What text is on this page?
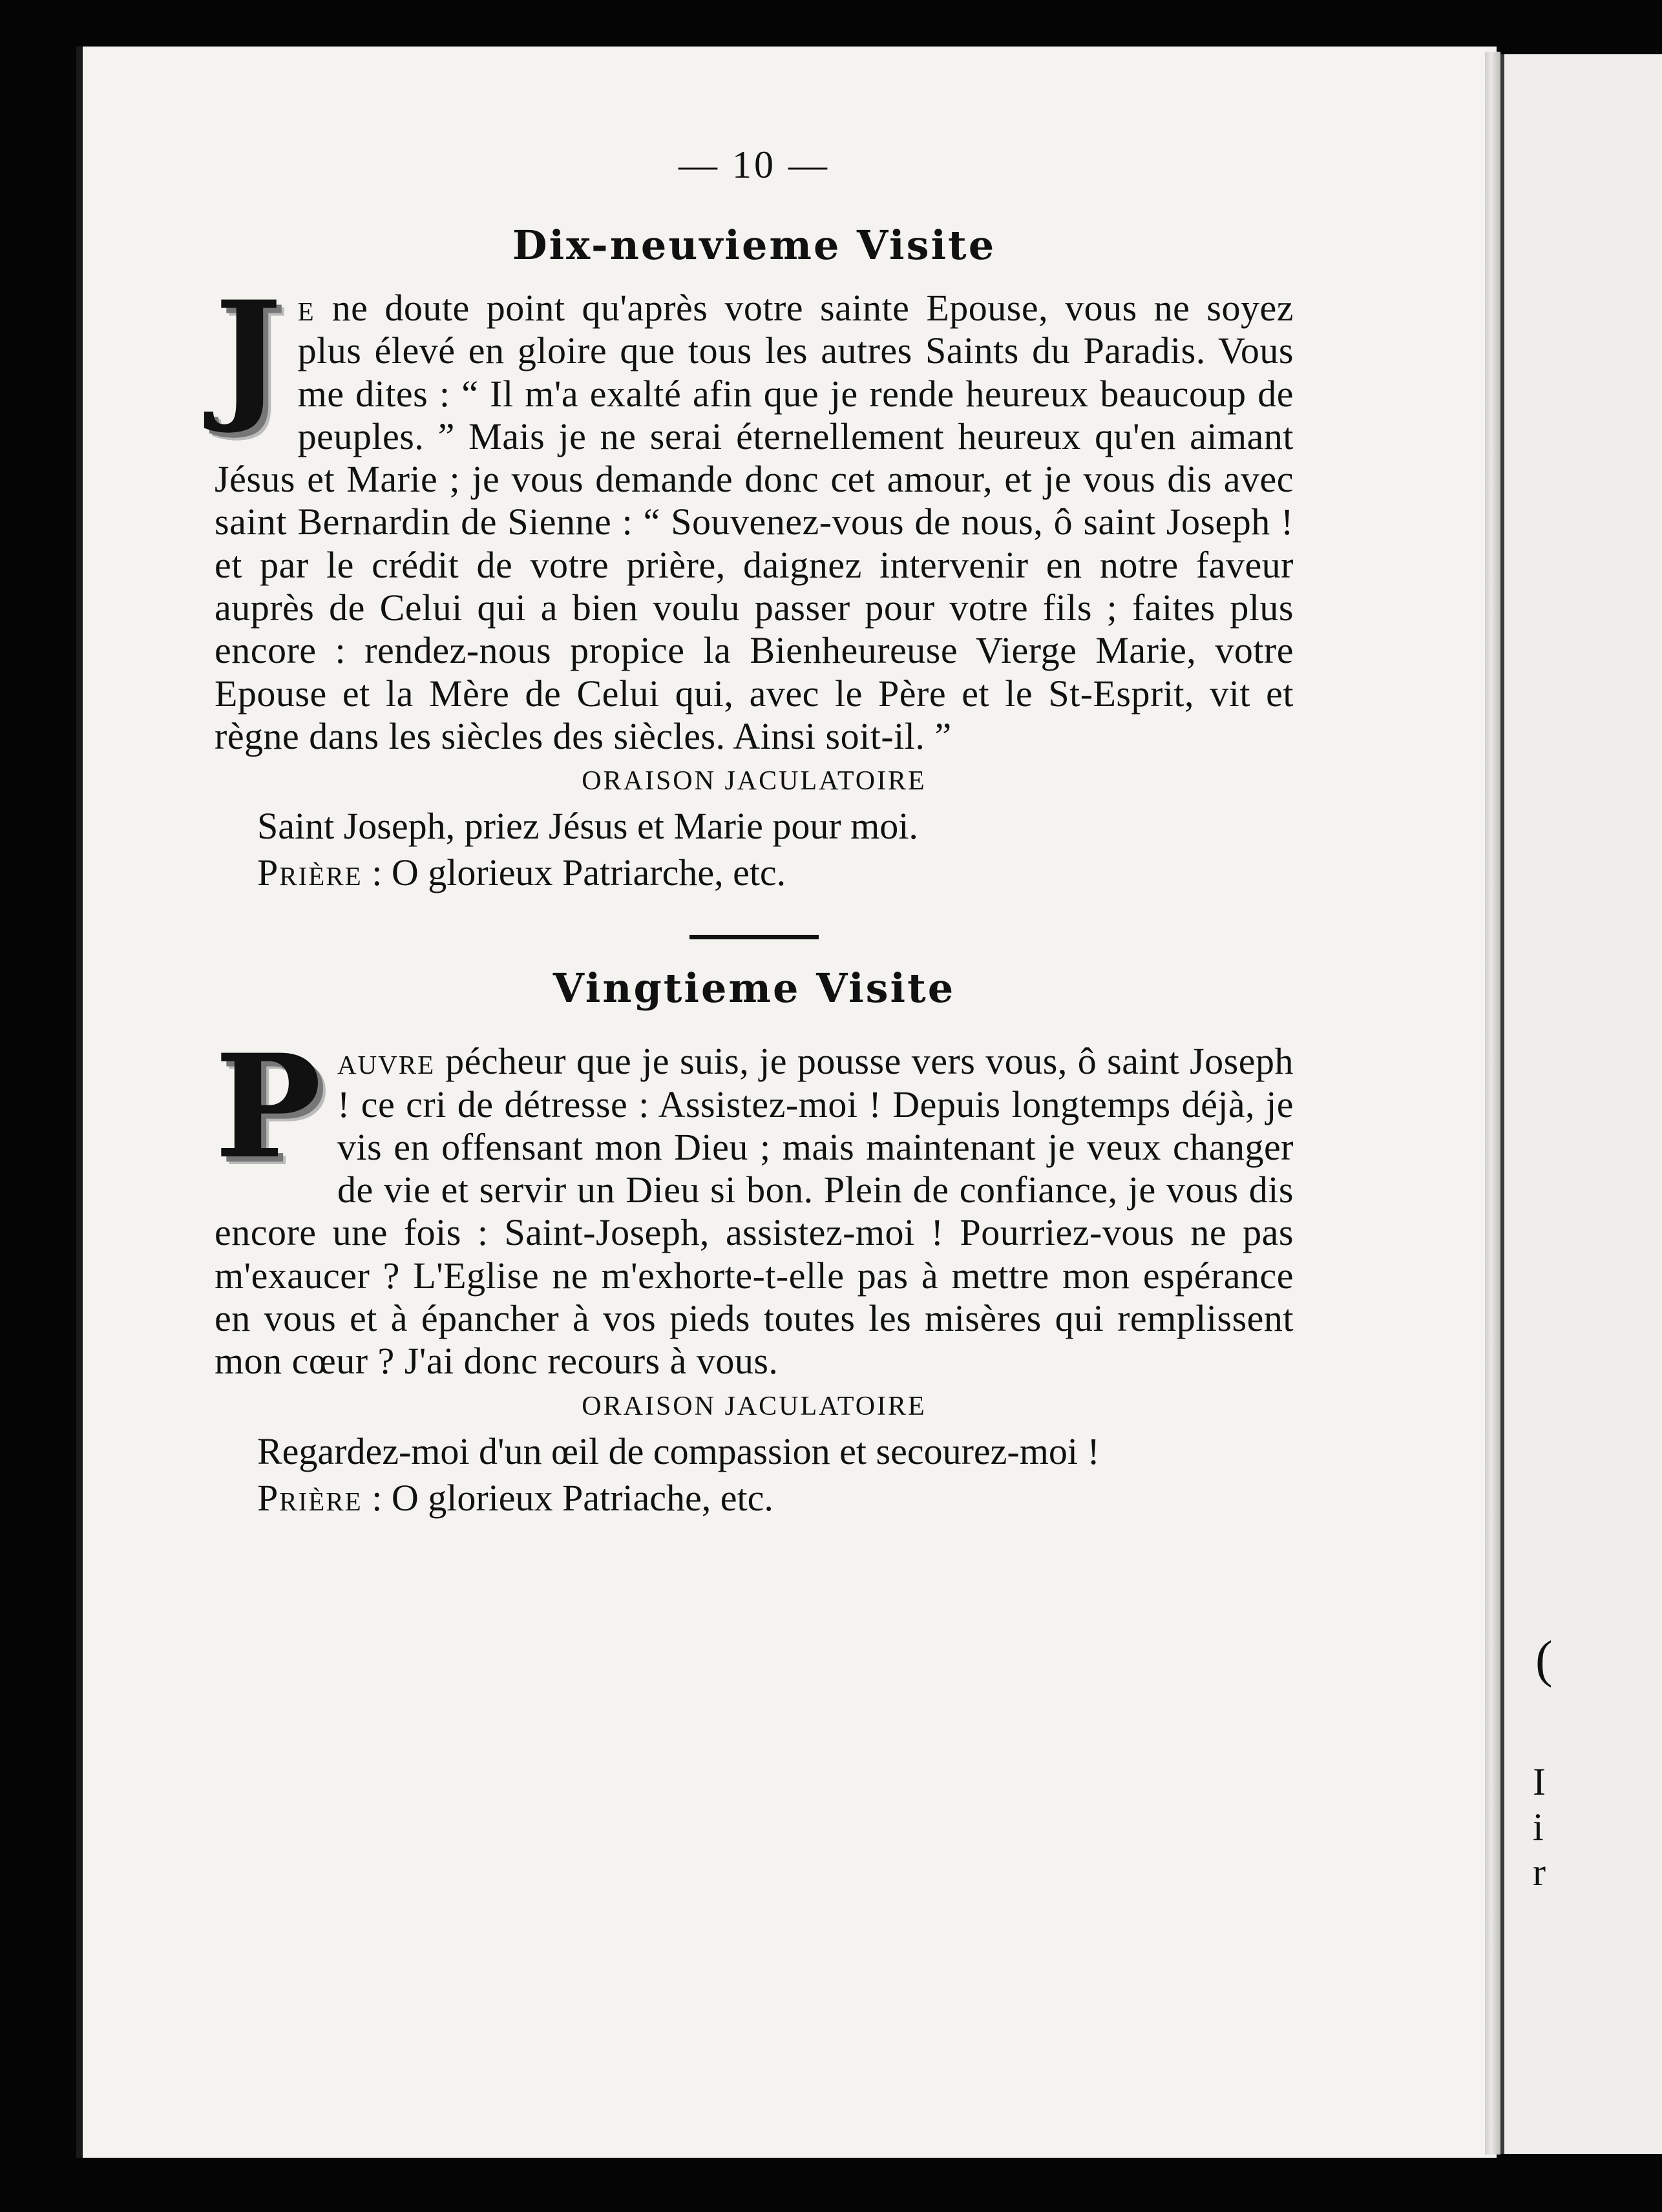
(
I
i
r
— 10 —
Dix-neuvieme Visite

Je ne doute point qu'après votre sainte Epouse, vous ne soyez plus élevé en gloire que tous les autres Saints du Paradis. Vous me dites : “ Il m'a exalté afin que je rende heureux beaucoup de peuples. ” Mais je ne serai éternellement heureux qu'en aimant Jésus et Marie ; je vous demande donc cet amour, et je vous dis avec saint Bernardin de Sienne : “ Souvenez-vous de nous, ô saint Joseph ! et par le crédit de votre prière, daignez intervenir en notre faveur auprès de Celui qui a bien voulu passer pour votre fils ; faites plus encore : rendez-nous propice la Bienheureuse Vierge Marie, votre Epouse et la Mère de Celui qui, avec le Père et le St-Esprit, vit et règne dans les siècles des siècles. Ainsi soit-il. ”

ORAISON JACULATOIRE

Saint Joseph, priez Jésus et Marie pour moi.

Prière : O glorieux Patriarche, etc.

Vingtieme Visite

Pauvre pécheur que je suis, je pousse vers vous, ô saint Joseph ! ce cri de détresse : Assistez-moi ! Depuis longtemps déjà, je vis en offensant mon Dieu ; mais maintenant je veux changer de vie et servir un Dieu si bon. Plein de confiance, je vous dis encore une fois : Saint-Joseph, assistez-moi ! Pourriez-vous ne pas m'exaucer ? L'Eglise ne m'exhorte-t-elle pas à mettre mon espérance en vous et à épancher à vos pieds toutes les misères qui remplissent mon cœur ? J'ai donc recours à vous.

ORAISON JACULATOIRE

Regardez-moi d'un œil de compassion et secourez-moi !

Prière : O glorieux Patriache, etc.
